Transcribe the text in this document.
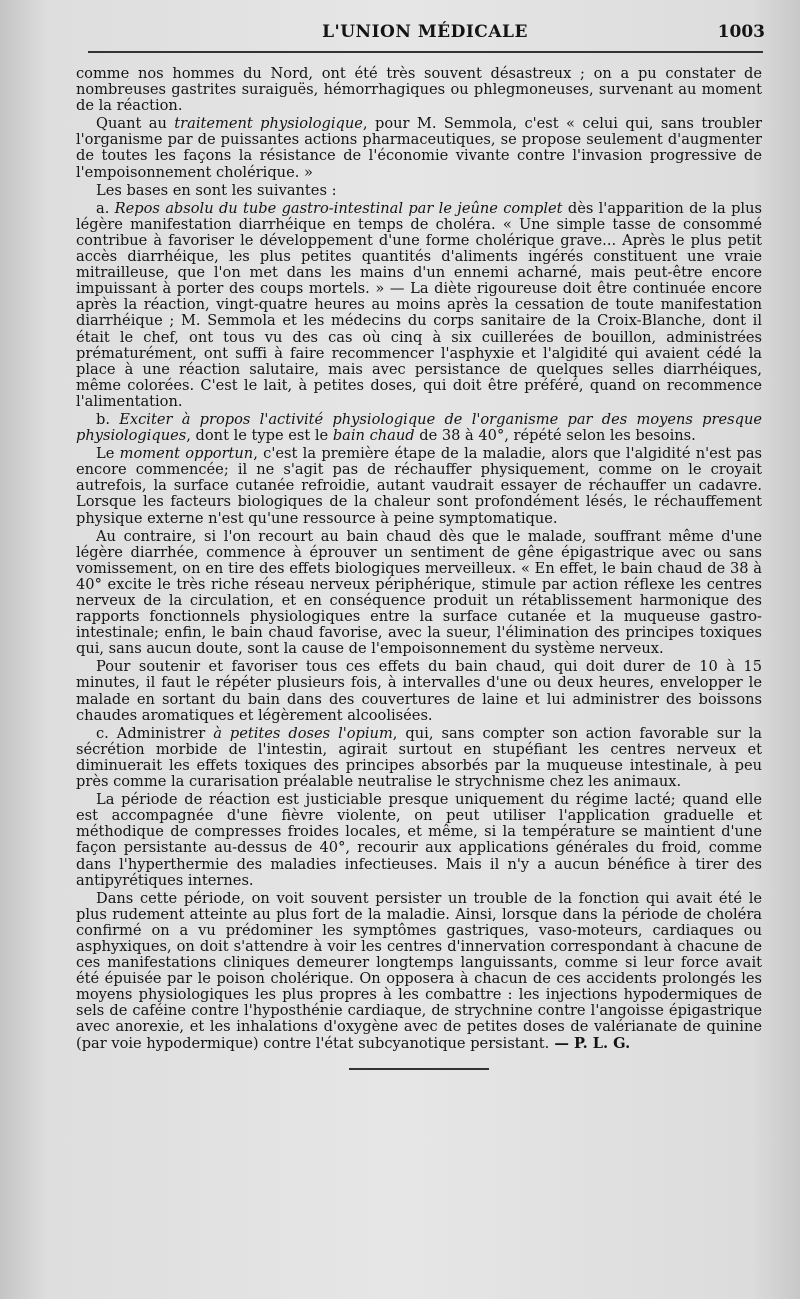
L'UNION MÉDICALE	1003

comme nos hommes du Nord, ont été très souvent désastreux ; on a pu constater de nombreuses gastrites suraiguës, hémorrhagiques ou phlegmoneuses, survenant au moment de la réaction.

Quant au traitement physiologique, pour M. Semmola, c'est « celui qui, sans troubler l'organisme par de puissantes actions pharmaceutiques, se propose seulement d'augmenter de toutes les façons la résistance de l'économie vivante contre l'invasion progressive de l'empoisonnement cholérique. »

Les bases en sont les suivantes :

a. Repos absolu du tube gastro-intestinal par le jeûne complet dès l'apparition de la plus légère manifestation diarrhéique en temps de choléra. « Une simple tasse de consommé contribue à favoriser le développement d'une forme cholérique grave... Après le plus petit accès diarrhéique, les plus petites quantités d'aliments ingérés constituent une vraie mitrailleuse, que l'on met dans les mains d'un ennemi acharné, mais peut-être encore impuissant à porter des coups mortels. » — La diète rigoureuse doit être continuée encore après la réaction, vingt-quatre heures au moins après la cessation de toute manifestation diarrhéique ; M. Semmola et les médecins du corps sanitaire de la Croix-Blanche, dont il était le chef, ont tous vu des cas où cinq à six cuillerées de bouillon, administrées prématurément, ont suffi à faire recommencer l'asphyxie et l'algidité qui avaient cédé la place à une réaction salutaire, mais avec persistance de quelques selles diarrhéiques, même colorées. C'est le lait, à petites doses, qui doit être préféré, quand on recommence l'alimentation.

b. Exciter à propos l'activité physiologique de l'organisme par des moyens presque physiologiques, dont le type est le bain chaud de 38 à 40°, répété selon les besoins.

Le moment opportun, c'est la première étape de la maladie, alors que l'algidité n'est pas encore commencée; il ne s'agit pas de réchauffer physiquement, comme on le croyait autrefois, la surface cutanée refroidie, autant vaudrait essayer de réchauffer un cadavre. Lorsque les facteurs biologiques de la chaleur sont profondément lésés, le réchauffement physique externe n'est qu'une ressource à peine symptomatique.

Au contraire, si l'on recourt au bain chaud dès que le malade, souffrant même d'une légère diarrhée, commence à éprouver un sentiment de gêne épigastrique avec ou sans vomissement, on en tire des effets biologiques merveilleux. « En effet, le bain chaud de 38 à 40° excite le très riche réseau nerveux périphérique, stimule par action réflexe les centres nerveux de la circulation, et en conséquence produit un rétablissement harmonique des rapports fonctionnels physiologiques entre la surface cutanée et la muqueuse gastro-intestinale; enfin, le bain chaud favorise, avec la sueur, l'élimination des principes toxiques qui, sans aucun doute, sont la cause de l'empoisonnement du système nerveux.

Pour soutenir et favoriser tous ces effets du bain chaud, qui doit durer de 10 à 15 minutes, il faut le répéter plusieurs fois, à intervalles d'une ou deux heures, envelopper le malade en sortant du bain dans des couvertures de laine et lui administrer des boissons chaudes aromatiques et légèrement alcoolisées.

c. Administrer à petites doses l'opium, qui, sans compter son action favorable sur la sécrétion morbide de l'intestin, agirait surtout en stupéfiant les centres nerveux et diminuerait les effets toxiques des principes absorbés par la muqueuse intestinale, à peu près comme la curarisation préalable neutralise le strychnisme chez les animaux.

La période de réaction est justiciable presque uniquement du régime lacté; quand elle est accompagnée d'une fièvre violente, on peut utiliser l'application graduelle et méthodique de compresses froides locales, et même, si la température se maintient d'une façon persistante au-dessus de 40°, recourir aux applications générales du froid, comme dans l'hyperthermie des maladies infectieuses. Mais il n'y a aucun bénéfice à tirer des antipyrétiques internes.

Dans cette période, on voit souvent persister un trouble de la fonction qui avait été le plus rudement atteinte au plus fort de la maladie. Ainsi, lorsque dans la période de choléra confirmé on a vu prédominer les symptômes gastriques, vaso-moteurs, cardiaques ou asphyxiques, on doit s'attendre à voir les centres d'innervation correspondant à chacune de ces manifestations cliniques demeurer longtemps languissants, comme si leur force avait été épuisée par le poison cholérique. On opposera à chacun de ces accidents prolongés les moyens physiologiques les plus propres à les combattre : les injections hypodermiques de sels de caféine contre l'hyposthénie cardiaque, de strychnine contre l'angoisse épigastrique avec anorexie, et les inhalations d'oxygène avec de petites doses de valérianate de quinine (par voie hypodermique) contre l'état subcyanotique persistant. — P. L. G.
